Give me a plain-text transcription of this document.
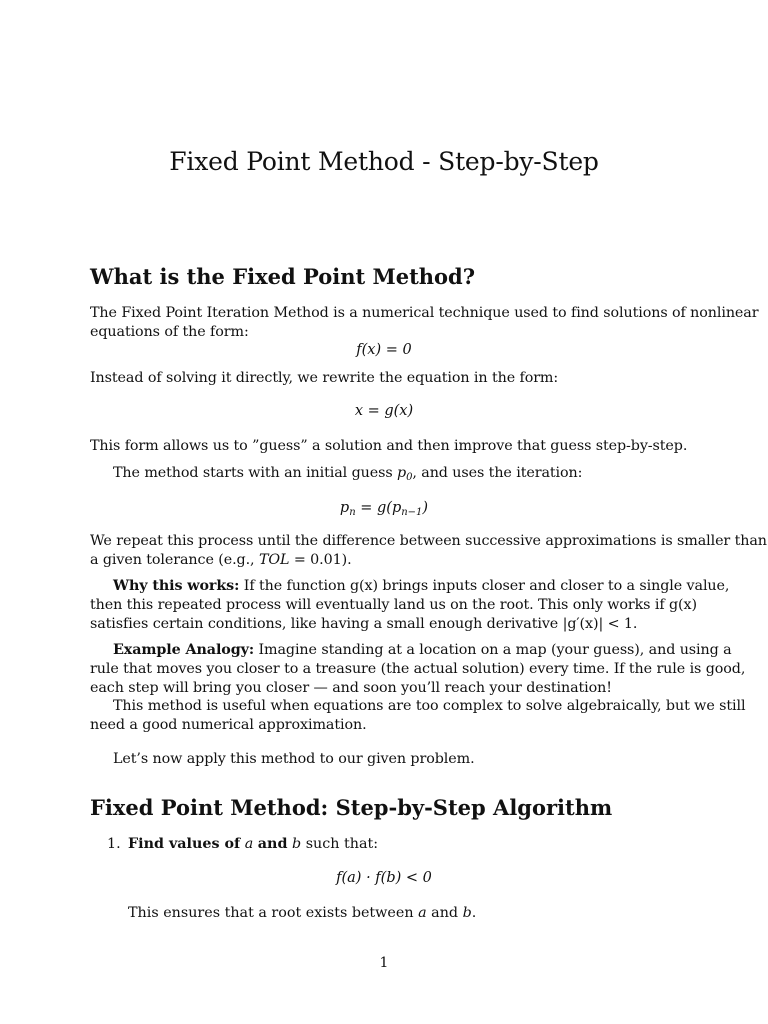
Fixed Point Method - Step-by-Step
What is the Fixed Point Method?
The Fixed Point Iteration Method is a numerical technique used to find solutions of nonlinear
equations of the form:
f(x) = 0
Instead of solving it directly, we rewrite the equation in the form:
x = g(x)
This form allows us to ”guess” a solution and then improve that guess step-by-step.
The method starts with an initial guess $p_0$, and uses the iteration:
$p_n = g(p_{n-1})$
We repeat this process until the difference between successive approximations is smaller than
a given tolerance (e.g., TOL = 0.01).
Why this works: If the function g(x) brings inputs closer and closer to a single value,
then this repeated process will eventually land us on the root. This only works if g(x)
satisfies certain conditions, like having a small enough derivative |g′(x)| < 1.
Example Analogy: Imagine standing at a location on a map (your guess), and using a
rule that moves you closer to a treasure (the actual solution) every time. If the rule is good,
each step will bring you closer — and soon you’ll reach your destination!
This method is useful when equations are too complex to solve algebraically, but we still
need a good numerical approximation.
Let’s now apply this method to our given problem.
Fixed Point Method: Step-by-Step Algorithm
1. Find values of a and b such that:
f(a) · f(b) < 0
This ensures that a root exists between a and b.
1
